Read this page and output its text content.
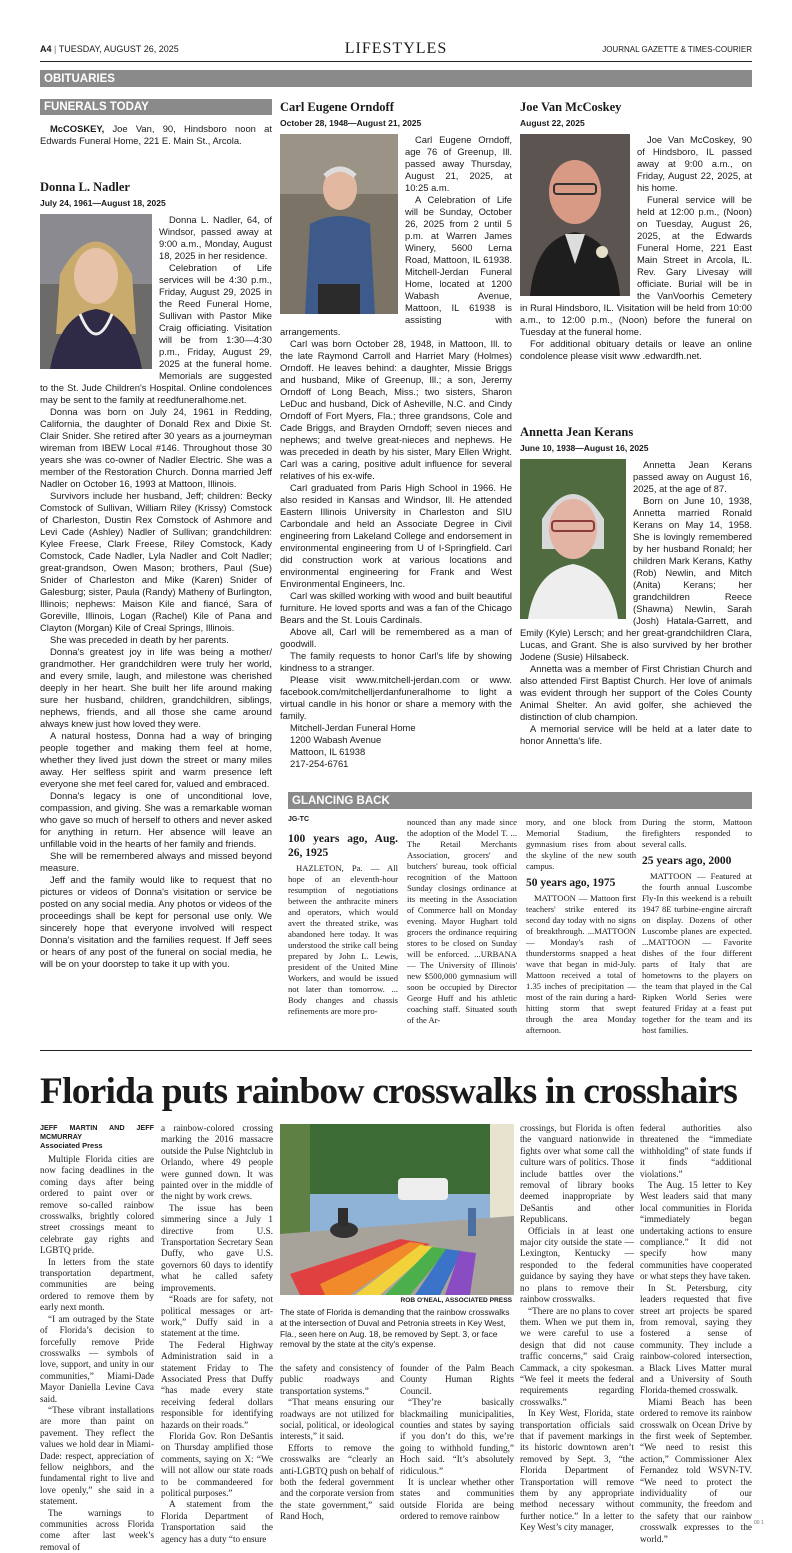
A4 | TUESDAY, AUGUST 26, 2025	LIFESTYLES	JOURNAL GAZETTE & TIMES-COURIER
OBITUARIES
FUNERALS TODAY

McCOSKEY, Joe Van, 90, Hindsboro noon at Edwards Funeral Home, 221 E. Main St., Arcola.

Donna L. Nadler
July 24, 1961—August 18, 2025

Donna L. Nadler, 64, of Windsor, passed away at 9:00 a.m., Monday, August 18, 2025 in her residence.

Celebration of Life services will be 4:30 p.m., Friday, August 29, 2025 in the Reed Funeral Home, Sullivan with Pastor Mike Craig officiating. Visitation will be from 1:30—4:30 p.m., Friday, August 29, 2025 at the funeral home. Memorials are suggested to the St. Jude Children's Hospital. Online condolences may be sent to the family at reedfuneralhome.net.

Donna was born on July 24, 1961 in Redding, California, the daughter of Donald Rex and Dixie St. Clair Snider. She retired after 30 years as a journeyman wireman from IBEW Local #146. Throughout those 30 years she was co-owner of Nadler Electric. She was a member of the Restoration Church. Donna married Jeff Nadler on October 16, 1993 at Mattoon, Illinois.

Survivors include her husband, Jeff; children: Becky Comstock of Sullivan, William Riley (Krissy) Comstock of Charleston, Dustin Rex Comstock of Ashmore and Levi Cade (Ashley) Nadler of Sullivan; grandchildren: Kylee Freese, Clark Freese, Riley Comstock, Kady Comstock, Cade Nadler, Lyla Nadler and Colt Nadler; great-grandson, Owen Mason; brothers, Paul (Sue) Snider of Charleston and Mike (Karen) Snider of Galesburg; sister, Paula (Randy) Matheny of Burlington, Illinois; nephews: Maison Kile and fiancé, Sara of Goreville, Illinois, Logan (Rachel) Kile of Pana and Clayton (Morgan) Kile of Creal Springs, Illinois.

She was preceded in death by her parents.

Donna's greatest joy in life was being a mother/ grandmother. Her grandchildren were truly her world, and every smile, laugh, and milestone was cherished deeply in her heart. She built her life around making sure her husband, children, grandchildren, siblings, nephews, friends, and all those she came around always knew just how loved they were.

A natural hostess, Donna had a way of bringing people together and making them feel at home, whether they lived just down the street or many miles away. Her selfless spirit and warm presence left everyone she met feel cared for, valued and embraced.

Donna's legacy is one of unconditional love, compassion, and giving. She was a remarkable woman who gave so much of herself to others and never asked for anything in return. Her absence will leave an unfillable void in the hearts of her family and friends.

She will be remembered always and missed beyond measure.

Jeff and the family would like to request that no pictures or videos of Donna's visitation or service be posted on any social media. Any photos or videos of the proceedings shall be kept for personal use only. We sincerely hope that everyone involved will respect Donna's visitation and the families request. If Jeff sees or hears of any post of the funeral on social media, he will be on your doorstep to take it up with you.

Carl Eugene Orndoff
October 28, 1948—August 21, 2025

Carl Eugene Orndoff, age 76 of Greenup, Ill. passed away Thursday, August 21, 2025, at 10:25 a.m.

A Celebration of Life will be Sunday, October 26, 2025 from 2 until 5 p.m. at Warren James Winery, 5600 Lerna Road, Mattoon, IL 61938. Mitchell-Jerdan Funeral Home, located at 1200 Wabash Avenue, Mattoon, IL 61938 is assisting with arrangements.

Carl was born October 28, 1948, in Mattoon, Ill. to the late Raymond Carroll and Harriet Mary (Holmes) Orndoff. He leaves behind: a daughter, Missie Briggs and husband, Mike of Greenup, Ill.; a son, Jeremy Orndoff of Long Beach, Miss.; two sisters, Sharon LeDuc and husband, Dick of Asheville, N.C. and Cindy Orndoff of Fort Myers, Fla.; three grandsons, Cole and Cade Briggs, and Brayden Orndoff; seven nieces and nephews; and twelve great-nieces and nephews. He was preceded in death by his sister, Mary Ellen Wright. Carl was a caring, positive adult influence for several relatives of his ex-wife.

Carl graduated from Paris High School in 1966. He also resided in Kansas and Windsor, Ill. He attended Eastern Illinois University in Charleston and SIU Carbondale and held an Associate Degree in Civil engineering from Lakeland College and endorsement in environmental engineering from U of I-Springfield. Carl did construction work at various locations and environmental engineering for Frank and West Environmental Engineers, Inc.

Carl was skilled working with wood and built beautiful furniture. He loved sports and was a fan of the Chicago Bears and the St. Louis Cardinals.

Above all, Carl will be remembered as a man of goodwill.

The family requests to honor Carl's life by showing kindness to a stranger.

Please visit www.mitchell-jerdan.com or www. facebook.com/mitchelljerdanfuneralhome to light a virtual candle in his honor or share a memory with the family.

Mitchell-Jerdan Funeral Home
1200 Wabash Avenue
Mattoon, IL 61938
217-254-6761
Joe Van McCoskey
August 22, 2025

Joe Van McCoskey, 90 of Hindsboro, IL passed away at 9:00 a.m., on Friday, August 22, 2025, at his home.

Funeral service will be held at 12:00 p.m., (Noon) on Tuesday, August 26, 2025, at the Edwards Funeral Home, 221 East Main Street in Arcola, IL. Rev. Gary Livesay will officiate. Burial will be in the VanVoorhis Cemetery in Rural Hindsboro, IL. Visitation will be held from 10:00 a.m., to 12:00 p.m., (Noon) before the funeral on Tuesday at the funeral home.

For additional obituary details or leave an online condolence please visit www .edwardfh.net.

Annetta Jean Kerans
June 10, 1938—August 16, 2025

Annetta Jean Kerans passed away on August 16, 2025, at the age of 87.

Born on June 10, 1938, Annetta married Ronald Kerans on May 14, 1958. She is lovingly remembered by her husband Ronald; her children Mark Kerans, Kathy (Rob) Newlin, and Mitch (Anita) Kerans; her grandchildren Reece (Shawna) Newlin, Sarah (Josh) Hatala-Garrett, and Emily (Kyle) Lersch; and her great-grandchildren Clara, Lucas, and Grant. She is also survived by her brother Jodene (Susie) Hilsabeck.

Annetta was a member of First Christian Church and also attended First Baptist Church. Her love of animals was evident through her support of the Coles County Animal Shelter. An avid golfer, she achieved the distinction of club champion.

A memorial service will be held at a later date to honor Annetta's life.

GLANCING BACK
JG-TC
100 years ago, Aug. 26, 1925

HAZLETON, Pa. — All hope of an eleventh-hour resumption of negotiations between the anthracite miners and operators, which would avert the threated strike, was abandoned here today. It was understood the strike call being prepared by John L. Lewis, president of the United Mine Workers, and would be issued not later than tomorrow. ... Body changes and chassis refinements are more pro-

nounced than any made since the adoption of the Model T. ... The Retail Merchants Association, grocers' and butchers' bureau, took official recognition of the Mattoon Sunday closings ordinance at its meeting in the Association of Commerce hall on Monday evening. Mayor Hughart told grocers the ordinance requiring stores to be closed on Sunday will be enforced. ...URBANA — The University of Illinois' new $500,000 gymnasium will soon be occupied by Director George Huff and his athletic coaching staff. Situated south of the Ar-

mory, and one block from Memorial Stadium, the gymnasium rises from about the skyline of the new south campus.

50 years ago, 1975

MATTOON — Mattoon first teachers' strike entered its second day today with no signs of breakthrough. ...MATTOON — Monday's rash of thunderstorms snapped a heat wave that began in mid-July. Mattoon received a total of 1.35 inches of precipitation — most of the rain during a hard-hitting storm that swept through the area Monday afternoon.

During the storm, Mattoon firefighters responded to several calls.

25 years ago, 2000

MATTOON — Featured at the fourth annual Luscombe Fly-In this weekend is a rebuilt 1947 8E turbine-engine aircraft on display. Dozens of other Luscombe planes are expected. ...MATTOON — Favorite dishes of the four different parts of Italy that are hometowns to the players on the team that played in the Cal Ripken World Series were featured Friday at a feast put together for the team and its host families.

Florida puts rainbow crosswalks in crosshairs
JEFF MARTIN AND JEFF MCMURRAY
Associated Press

Multiple Florida cities are now facing deadlines in the coming days after being ordered to paint over or remove so-called rainbow crosswalks, brightly colored street crossings meant to celebrate gay rights and LGBTQ pride.

In letters from the state transportation department, communities are being ordered to remove them by early next month.

“I am outraged by the State of Florida’s decision to forcefully remove Pride crosswalks — symbols of love, support, and unity in our communities,” Miami-Dade Mayor Daniella Levine Cava said.

“These vibrant installations are more than paint on pavement. They reflect the values we hold dear in Miami-Dade: respect, appreciation of fellow neighbors, and the fundamental right to live and love openly,” she said in a statement.

The warnings to communities across Florida come after last week’s removal of

a rainbow-colored crossing marking the 2016 massacre outside the Pulse Nightclub in Orlando, where 49 people were gunned down. It was painted over in the middle of the night by work crews.

The issue has been simmering since a July 1 directive from U.S. Transportation Secretary Sean Duffy, who gave U.S. governors 60 days to identify what he called safety improvements.

“Roads are for safety, not political messages or art-work,” Duffy said in a statement at the time.

The Federal Highway Administration said in a statement Friday to The Associated Press that Duffy “has made every state receiving federal dollars responsible for identifying hazards on their roads.”

Florida Gov. Ron DeSantis on Thursday amplified those comments, saying on X: “We will not allow our state roads to be commandeered for political purposes.”

A statement from the Florida Department of Transportation said the agency has a duty “to ensure

ROB O'NEAL, ASSOCIATED PRESS
The state of Florida is demanding that the rainbow crosswalks at the intersection of Duval and Petronia streets in Key West, Fla., seen here on Aug. 18, be removed by Sept. 3, or face removal by the state at the city's expense.

the safety and consistency of public roadways and transportation systems.”

“That means ensuring our roadways are not utilized for social, political, or ideological interests,” it said.

Efforts to remove the crosswalks are “clearly an anti-LGBTQ push on behalf of both the federal government and the corporate version from the state government,” said Rand Hoch,

founder of the Palm Beach County Human Rights Council.

“They’re basically blackmailing municipalities, counties and states by saying if you don’t do this, we’re going to withhold funding,” Hoch said. “It’s absolutely ridiculous.”

It is unclear whether other states and communities outside Florida are being ordered to remove rainbow

crossings, but Florida is often the vanguard nationwide in fights over what some call the culture wars of politics. Those include battles over the removal of library books deemed inappropriate by DeSantis and other Republicans.

Officials in at least one major city outside the state — Lexington, Kentucky — responded to the federal guidance by saying they have no plans to remove their rainbow crosswalks.

“There are no plans to cover them. When we put them in, we were careful to use a design that did not cause traffic concerns,” said Craig Cammack, a city spokesman. “We feel it meets the federal requirements regarding crosswalks.”

In Key West, Florida, state transportation officials said that if pavement markings in its historic downtown aren’t removed by Sept. 3, “the Florida Department of Transportation will remove them by any appropriate method necessary without further notice.” In a letter to Key West’s city manager,

federal authorities also threatened the “immediate withholding” of state funds if it finds “additional violations.”

The Aug. 15 letter to Key West leaders said that many local communities in Florida “immediately began undertaking actions to ensure compliance.” It did not specify how many communities have cooperated or what steps they have taken.

In St. Petersburg, city leaders requested that five street art projects be spared from removal, saying they fostered a sense of community. They include a rainbow-colored intersection, a Black Lives Matter mural and a University of South Florida-themed crosswalk.

Miami Beach has been ordered to remove its rainbow crosswalk on Ocean Drive by the first week of September. “We need to resist this action,” Commissioner Alex Fernandez told WSVN-TV. “We need to protect the individuality of our community, the freedom and the safety that our rainbow crosswalk expresses to the world.”

00 1
